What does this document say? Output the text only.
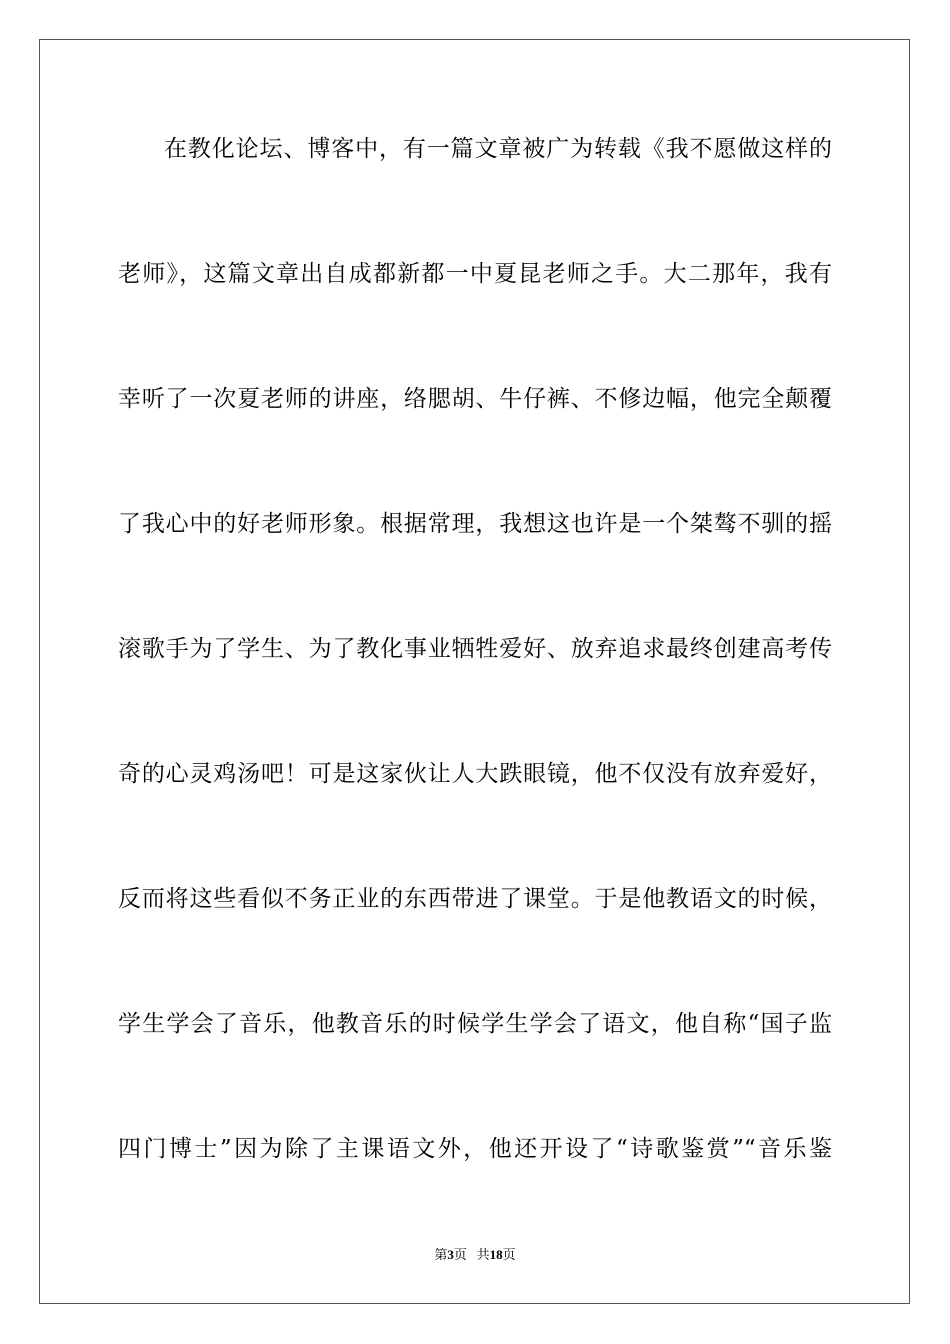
在教化论坛、博客中，有一篇文章被广为转载《我不愿做这样的
老师》，这篇文章出自成都新都一中夏昆老师之手。大二那年，我有
幸听了一次夏老师的讲座，络腮胡、牛仔裤、不修边幅，他完全颠覆
了我心中的好老师形象。根据常理，我想这也许是一个桀骜不驯的摇
滚歌手为了学生、为了教化事业牺牲爱好、放弃追求最终创建高考传
奇的心灵鸡汤吧！可是这家伙让人大跌眼镜，他不仅没有放弃爱好，
反而将这些看似不务正业的东西带进了课堂。于是他教语文的时候，
学生学会了音乐，他教音乐的时候学生学会了语文，他自称“国子监
四门博士”因为除了主课语文外，他还开设了“诗歌鉴赏”“音乐鉴
第3页 共18页
